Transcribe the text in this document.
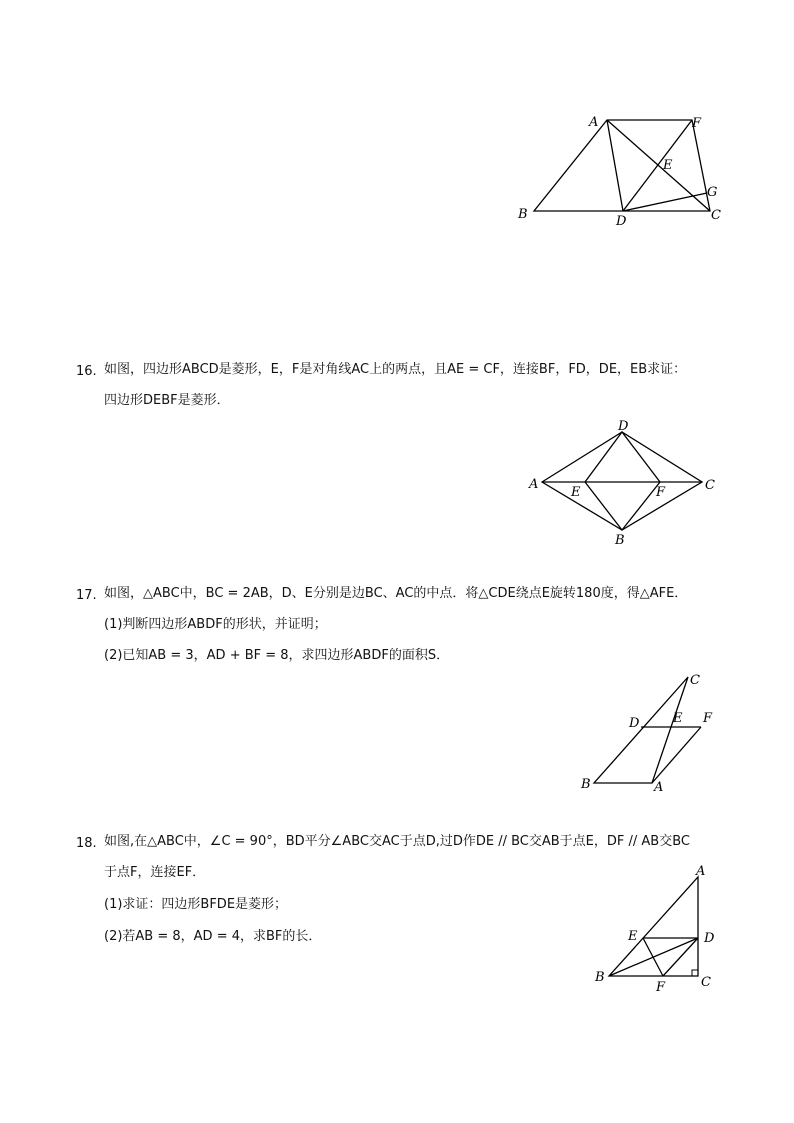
A	F
E
G
B	D	C
16. 如图，四边形ABCD是菱形，E，F是对角线AC上的两点，且AE = CF，连接BF，FD，DE，EB求证：
四边形DEBF是菱形．
D
A	C
E	F
B
17. 如图，△ABC中，BC = 2AB，D、E分别是边BC、AC的中点．将△CDE绕点E旋转180度，得△AFE．
(1)判断四边形ABDF的形状，并证明；
(2)已知AB = 3，AD + BF = 8，求四边形ABDF的面积S．
C
D	E F
B	A
18. 如图,在△ABC中，∠C = 90°，BD平分∠ABC交AC于点D,过D作DE // BC交AB于点E，DF // AB交BC
于点F，连接EF．
(1)求证：四边形BFDE是菱形；
(2)若AB = 8，AD = 4，求BF的长．
A
E	D
B
F	C
